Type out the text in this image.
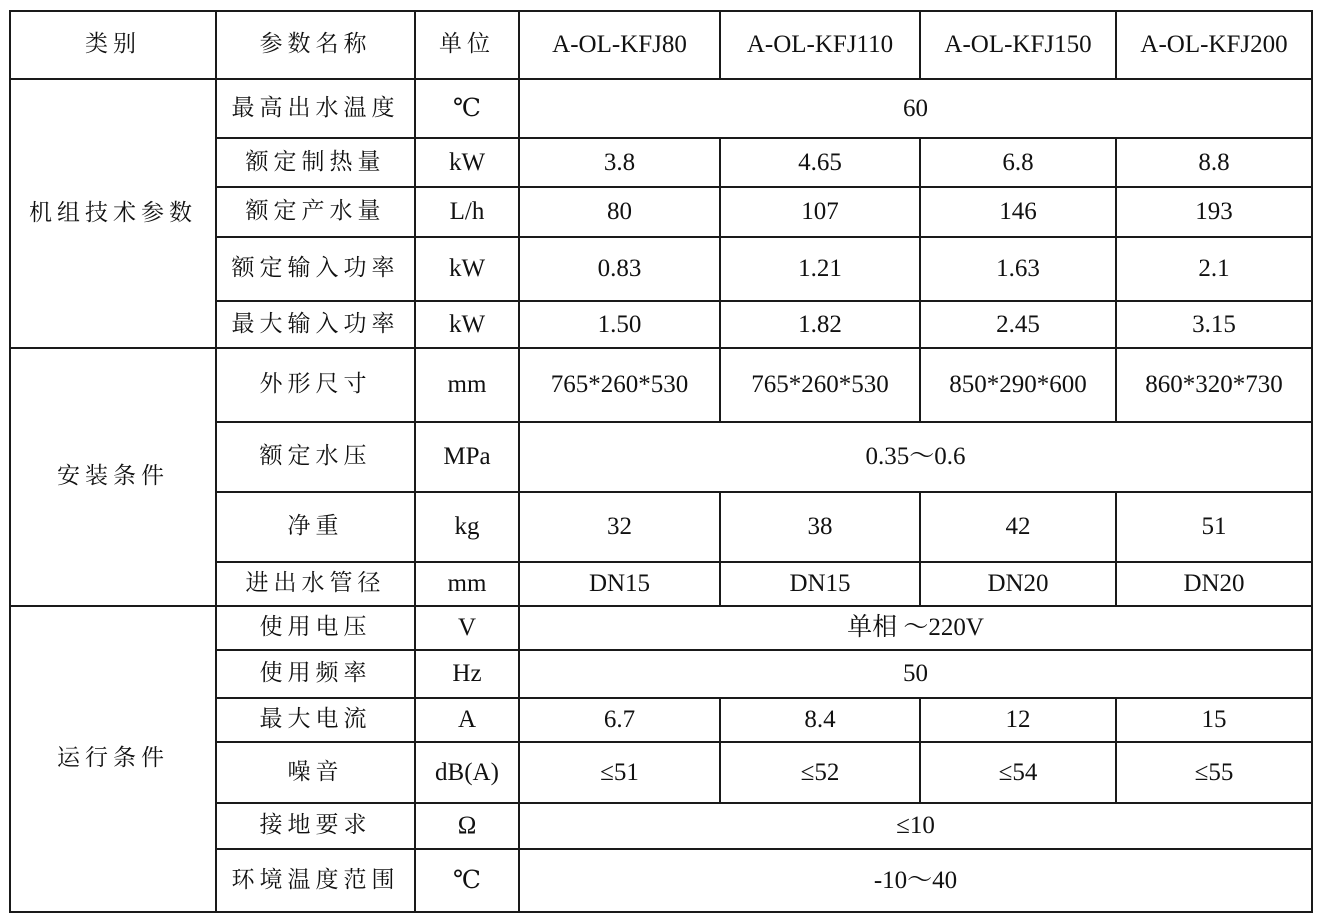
类别	参数名称	单位	A-OL-KFJ80	A-OL-KFJ110	A-OL-KFJ150	A-OL-KFJ200
机组技术参数	最高出水温度	℃	60			
	额定制热量	kW	3.8	4.65	6.8	8.8
	额定产水量	L/h	80	107	146	193
	额定输入功率	kW	0.83	1.21	1.63	2.1
	最大输入功率	kW	1.50	1.82	2.45	3.15
安装条件	外形尺寸	mm	765*260*530	765*260*530	850*290*600	860*320*730
	额定水压	MPa	0.35～0.6			
	净重	kg	32	38	42	51
	进出水管径	mm	DN15	DN15	DN20	DN20
运行条件	使用电压	V	单相 ～220V			
	使用频率	Hz	50			
	最大电流	A	6.7	8.4	12	15
	噪音	dB(A)	≤51	≤52	≤54	≤55
	接地要求	Ω	≤10			
	环境温度范围	℃	-10～40			
